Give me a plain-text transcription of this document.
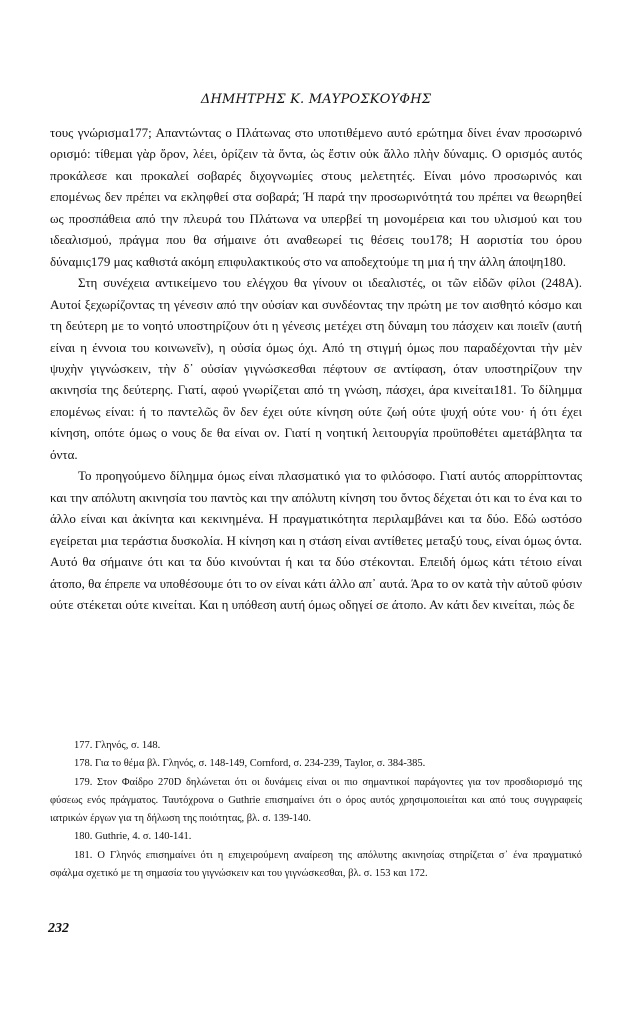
ΔΗΜΗΤΡΗΣ Κ. ΜΑΥΡΟΣΚΟΥΦΗΣ

τους γνώρισμα177; Απαντώντας ο Πλάτωνας στο υποτιθέμενο αυτό ερώτημα δίνει έναν προσωρινό ορισμό: τίθεμαι γὰρ ὅρον, λέει, ὁρίζειν τὰ ὄντα, ὡς ἔστιν οὐκ ἄλλο πλὴν δύναμις. Ο ορισμός αυτός προκάλεσε και προκαλεί σοβαρές διχογνωμίες στους μελετητές. Είναι μόνο προσωρινός και επομένως δεν πρέπει να εκληφθεί στα σοβαρά; Ή παρά την προσωρινότητά του πρέπει να θεωρηθεί ως προσπάθεια από την πλευρά του Πλάτωνα να υπερβεί τη μονομέρεια και του υλισμού και του ιδεαλισμού, πράγμα που θα σήμαινε ότι αναθεωρεί τις θέσεις του178; Η αοριστία του όρου δύναμις179 μας καθιστά ακόμη επιφυλακτικούς στο να αποδεχτούμε τη μια ή την άλλη άποψη180.

Στη συνέχεια αντικείμενο του ελέγχου θα γίνουν οι ιδεαλιστές, οι τῶν εἰδῶν φίλοι (248Α). Αυτοί ξεχωρίζοντας τη γένεσιν από την οὐσίαν και συνδέοντας την πρώτη με τον αισθητό κόσμο και τη δεύτερη με το νοητό υποστηρίζουν ότι η γένεσις μετέχει στη δύναμη του πάσχειν και ποιεῖν (αυτή είναι η έννοια του κοινωνεῖν), η οὐσία όμως όχι. Από τη στιγμή όμως που παραδέχονται τὴν μὲν ψυχὴν γιγνώσκειν, τὴν δ᾽ οὐσίαν γιγνώσκεσθαι πέφτουν σε αντίφαση, όταν υποστηρίζουν την ακινησία της δεύτερης. Γιατί, αφού γνωρίζεται από τη γνώση, πάσχει, άρα κινείται181. Το δίλημμα επομένως είναι: ή το παντελῶς ὂν δεν έχει ούτε κίνηση ούτε ζωή ούτε ψυχή ούτε νου· ή ότι έχει κίνηση, οπότε όμως ο νους δε θα είναι ον. Γιατί η νοητική λειτουργία προϋποθέτει αμετάβλητα τα όντα.

Το προηγούμενο δίλημμα όμως είναι πλασματικό για το φιλόσοφο. Γιατί αυτός απορρίπτοντας και την απόλυτη ακινησία του παντὸς και την απόλυτη κίνηση του ὄντος δέχεται ότι και το ένα και το άλλο είναι και ἀκίνητα και κεκινημένα. Η πραγματικότητα περιλαμβάνει και τα δύο. Εδώ ωστόσο εγείρεται μια τεράστια δυσκολία. Η κίνηση και η στάση είναι αντίθετες μεταξύ τους, είναι όμως όντα. Αυτό θα σήμαινε ότι και τα δύο κινούνται ή και τα δύο στέκονται. Επειδή όμως κάτι τέτοιο είναι άτοπο, θα έπρεπε να υποθέσουμε ότι το ον είναι κάτι άλλο απ᾽ αυτά. Άρα το ον κατὰ τὴν αὑτοῦ φύσιν ούτε στέκεται ούτε κινείται. Και η υπόθεση αυτή όμως οδηγεί σε άτοπο. Αν κάτι δεν κινείται, πώς δε

177. Γληνός, σ. 148.

178. Για το θέμα βλ. Γληνός, σ. 148-149, Cornford, σ. 234-239, Taylor, σ. 384-385.

179. Στον Φαίδρο 270D δηλώνεται ότι οι δυνάμεις είναι οι πιο σημαντικοί παράγοντες για τον προσδιορισμό της φύσεως ενός πράγματος. Ταυτόχρονα ο Guthrie επισημαίνει ότι ο όρος αυτός χρησιμοποιείται και από τους συγγραφείς ιατρικών έργων για τη δήλωση της ποιότητας, βλ. σ. 139-140.

180. Guthrie, 4. σ. 140-141.

181. Ο Γληνός επισημαίνει ότι η επιχειρούμενη αναίρεση της απόλυτης ακινησίας στηρίζεται σ᾽ ένα πραγματικό σφάλμα σχετικό με τη σημασία του γιγνώσκειν και του γιγνώσκεσθαι, βλ. σ. 153 και 172.

232
